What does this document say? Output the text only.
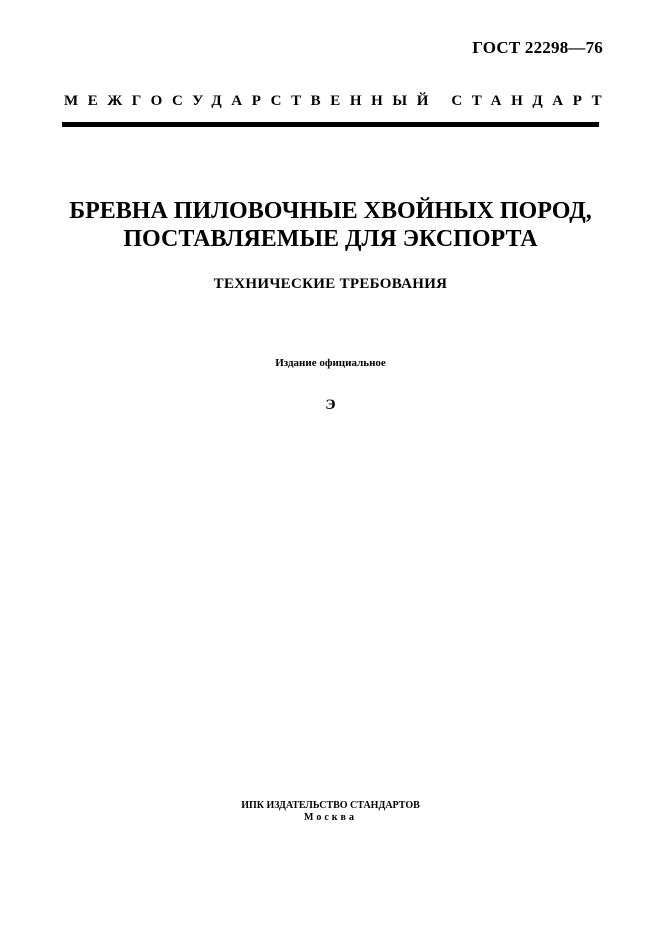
ГОСТ 22298—76
МЕЖГОСУДАРСТВЕННЫЙ СТАНДАРТ
БРЕВНА ПИЛОВОЧНЫЕ ХВОЙНЫХ ПОРОД,
ПОСТАВЛЯЕМЫЕ ДЛЯ ЭКСПОРТА
ТЕХНИЧЕСКИЕ ТРЕБОВАНИЯ
Издание официальное
Э
ИПК ИЗДАТЕЛЬСТВО СТАНДАРТОВ
Москва
